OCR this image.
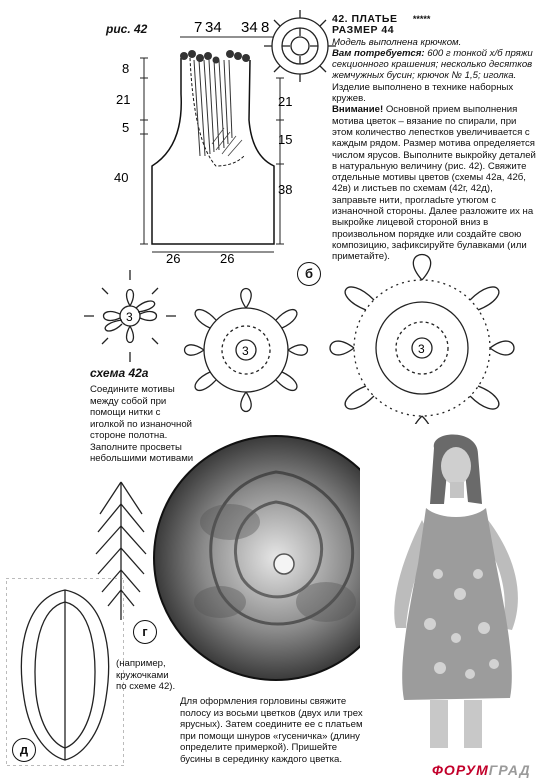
рис. 42	7 34 34 8
8
21
5
40
21
15
38
26	26

42. ПЛАТЬЕ *****

РАЗМЕР 44

Модель выполнена крючком.

Вам потребуется: 600 г тонкой х/б пряжи секционного крашения; несколько десятков жемчужных бусин; крючок № 1,5; иголка.

Изделие выполнено в технике наборных кружев.

Внимание! Основной прием выполнения мотива цветок – вязание по спирали, при этом количество лепестков увеличивается с каждым рядом. Размер мотива определяется числом ярусов. Выполните выкройку деталей в натуральную величину (рис. 42). Свяжите отдельные мотивы цветов (схемы 42а, 42б, 42в) и листьев по схемам (42г, 42д), заправьте нити, проглadьте утюгом с изнаночной стороны. Далее разложите их на выкройке лицевой стороной вниз в произвольном порядке или создайте свою композицию, зафиксируйте булавками (или приметайте).

3
3	3
б
схема 42а
Соедините мотивы между собой при помощи нитки с иголкой по изнаночной стороне полотна. Заполните просветы небольшими мотивами
д
г
(например, кружочками по схеме 42).
Для оформления горловины свяжите полосу из восьми цветков (двух или трех ярусных). Затем соедините ее с платьем при помощи шнуров «гусеничка» (длину определите примеркой). Пришейте бусины в серединку каждого цветка.
ФОРУМГРАД
